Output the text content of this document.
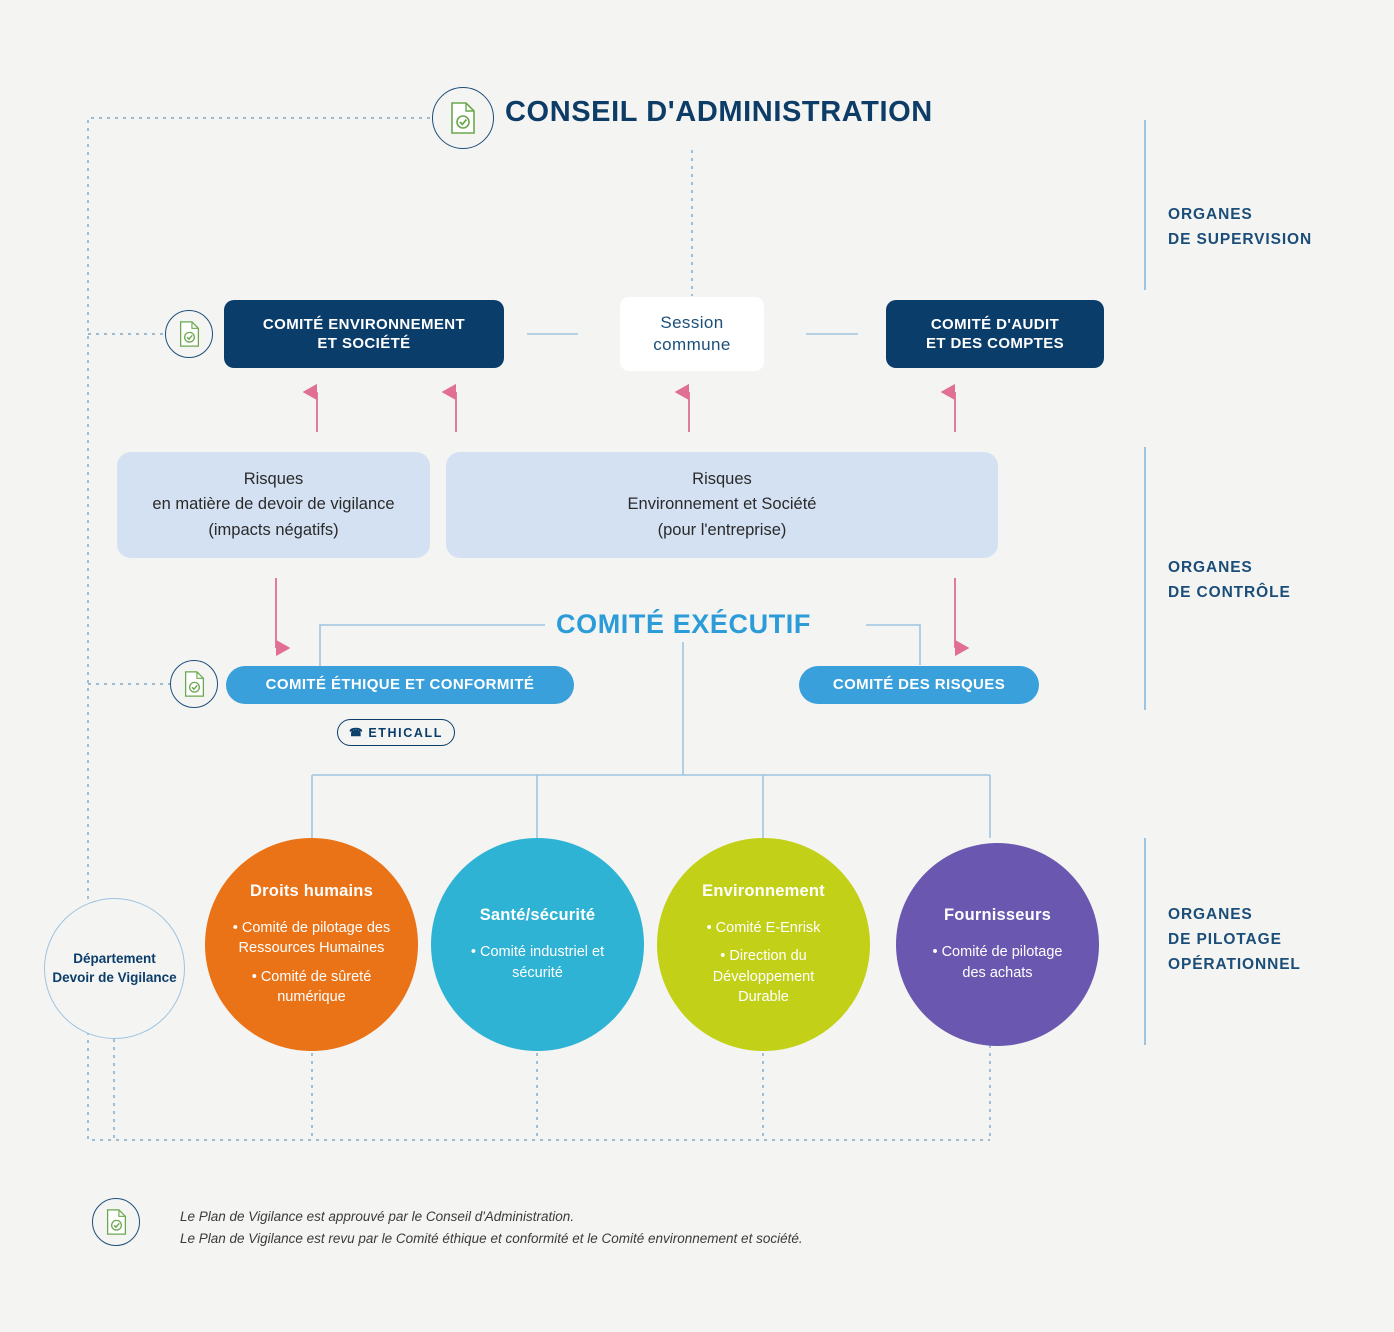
CONSEIL D'ADMINISTRATION
COMITÉ ENVIRONNEMENT
ET SOCIÉTÉ
Session
commune
COMITÉ D'AUDIT
ET DES COMPTES
Risques
en matière de devoir de vigilance
(impacts négatifs)
Risques
Environnement et Société
(pour l'entreprise)
COMITÉ EXÉCUTIF
COMITÉ ÉTHIQUE ET CONFORMITÉ	COMITÉ DES RISQUES
☎ ETHICALL
Département
Devoir de Vigilance
Droits humains
• Comité de pilotage des
Ressources Humaines
• Comité de sûreté
numérique
Santé/sécurité
• Comité industriel et
sécurité
Environnement
• Comité E-Enrisk
• Direction du
Développement
Durable
Fournisseurs
• Comité de pilotage
des achats
ORGANES
DE SUPERVISION
ORGANES
DE CONTRÔLE
ORGANES
DE PILOTAGE
OPÉRATIONNEL
Le Plan de Vigilance est approuvé par le Conseil d'Administration.
Le Plan de Vigilance est revu par le Comité éthique et conformité et le Comité environnement et société.
